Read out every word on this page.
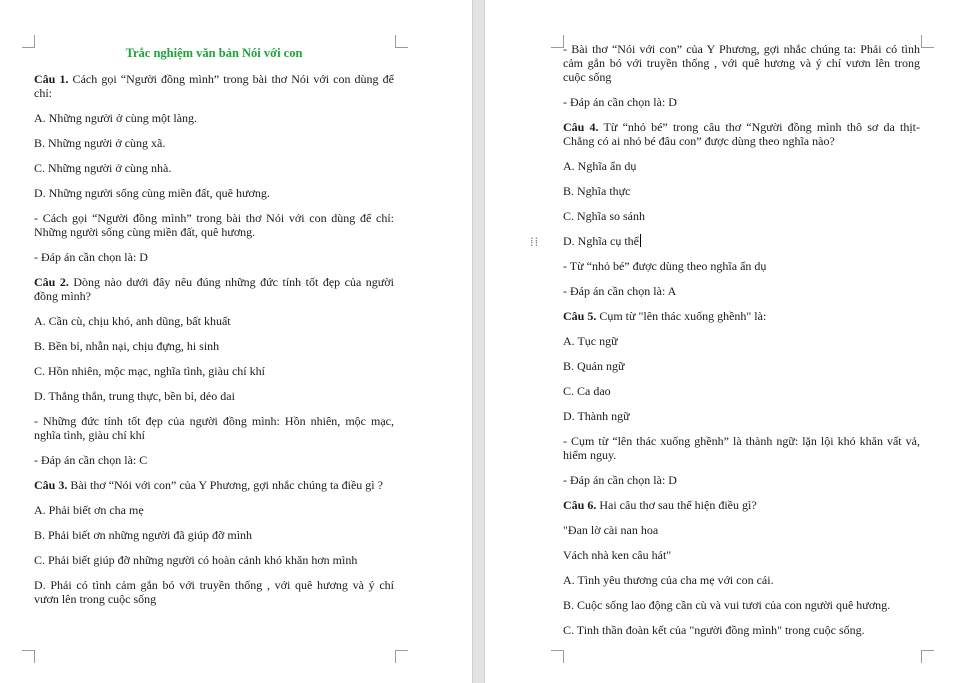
Trắc nghiệm văn bản Nói với con
Câu 1. Cách gọi “Người đồng mình” trong bài thơ Nói với con dùng để chỉ:
A. Những người ở cùng một làng.
B. Những người ở cùng xã.
C. Những người ở cùng nhà.
D. Những người sống cùng miền đất, quê hương.
- Cách gọi “Người đồng mình” trong bài thơ Nói với con dùng để chỉ: Những người sống cùng miền đất, quê hương.
- Đáp án cần chọn là: D
Câu 2. Dòng nào dưới đây nêu đúng những đức tính tốt đẹp của người đồng mình?
A. Cần cù, chịu khó, anh dũng, bất khuất
B. Bền bỉ, nhẫn nại, chịu đựng, hi sinh
C. Hồn nhiên, mộc mạc, nghĩa tình, giàu chí khí
D. Thẳng thắn, trung thực, bền bỉ, dẻo dai
- Những đức tính tốt đẹp của người đồng mình: Hồn nhiên, mộc mạc, nghĩa tình, giàu chí khí
- Đáp án cần chọn là: C
Câu 3. Bài thơ “Nói với con” của Y Phương, gợi nhắc chúng ta điều gì ?
A. Phải biết ơn cha mẹ
B. Phải biết ơn những người đã giúp đỡ mình
C. Phải biết giúp đỡ những người có hoàn cảnh khó khăn hơn mình
D. Phải có tình cảm gắn bó với truyền thống , với quê hương và ý chí vươn lên trong cuộc sống
⁞⁞
- Bài thơ “Nói với con” của Y Phương, gợi nhắc chúng ta: Phải có tình cảm gắn bó với truyền thống , với quê hương và ý chí vươn lên trong cuộc sống
- Đáp án cần chọn là: D
Câu 4. Từ “nhỏ bé” trong câu thơ “Người đồng mình thô sơ da thịt- Chẳng có ai nhỏ bé đâu con” được dùng theo nghĩa nào?
A. Nghĩa ẩn dụ
B. Nghĩa thực
C. Nghĩa so sánh
D. Nghĩa cụ thể
- Từ “nhỏ bé” được dùng theo nghĩa ẩn dụ
- Đáp án cần chọn là: A
Câu 5. Cụm từ "lên thác xuống ghềnh" là:
A. Tục ngữ
B. Quán ngữ
C. Ca dao
D. Thành ngữ
- Cụm từ “lên thác xuống ghềnh” là thành ngữ: lặn lội khó khăn vất vả, hiểm nguy.
- Đáp án cần chọn là: D
Câu 6. Hai câu thơ sau thể hiện điều gì?
"Đan lờ cài nan hoa
Vách nhà ken câu hát"
A. Tình yêu thương của cha mẹ với con cái.
B. Cuộc sống lao động cần cù và vui tươi của con người quê hương.
C. Tinh thần đoàn kết của "người đồng mình" trong cuộc sống.
